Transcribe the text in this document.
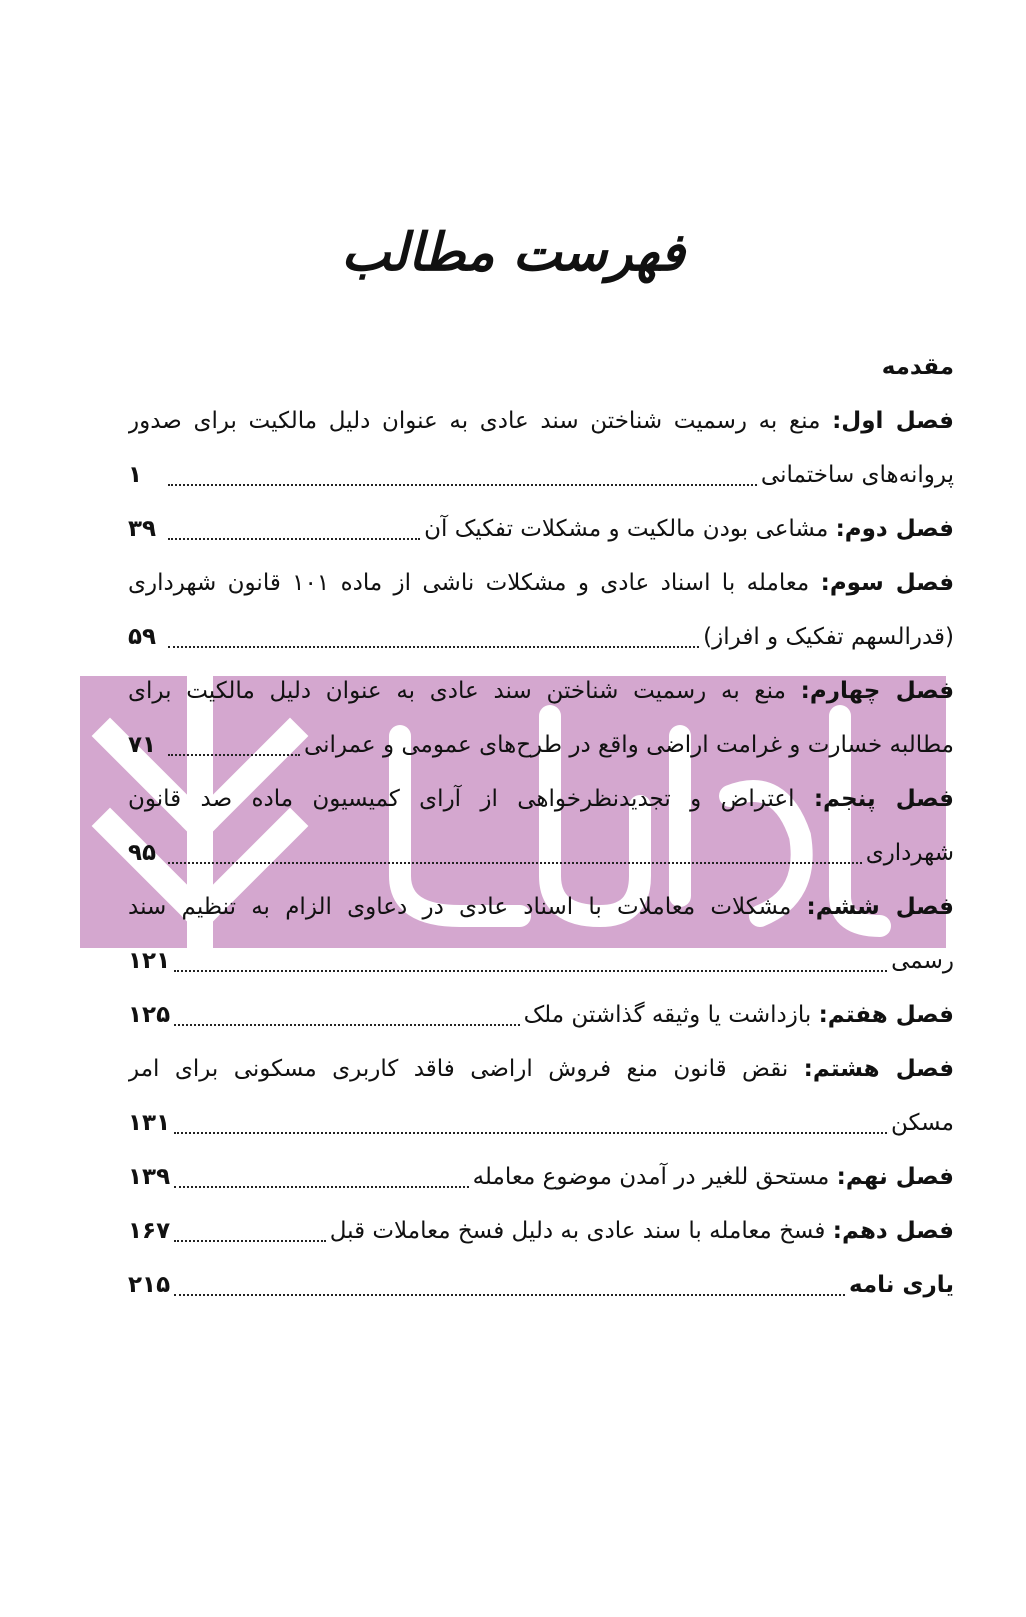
فهرست مطالب
مقدمه
فصل اول: منع به رسمیت شناختن سند عادی به عنوان دلیل مالکیت برای صدور
پروانه‌های ساختمانی
۱
فصل دوم: مشاعی بودن مالکیت و مشکلات تفکیک آن
۳۹
فصل سوم: معامله با اسناد عادی و مشکلات ناشی از ماده ۱۰۱ قانون شهرداری
(قدرالسهم تفکیک و افراز)
۵۹
فصل چهارم: منع به رسمیت شناختن سند عادی به عنوان دلیل مالکیت برای
مطالبه خسارت و غرامت اراضی واقع در طرح‌های عمومی و عمرانی
۷۱
فصل پنجم: اعتراض و تجدیدنظرخواهی از آرای کمیسیون ماده صد قانون
شهرداری
۹۵
فصل ششم: مشکلات معاملات با اسناد عادی در دعاوی الزام به تنظیم سند
رسمی
۱۲۱
فصل هفتم: بازداشت یا وثیقه گذاشتن ملک
۱۲۵
فصل هشتم: نقض قانون منع فروش اراضی فاقد کاربری مسکونی برای امر
مسکن
۱۳۱
فصل نهم: مستحق للغیر در آمدن موضوع معامله
۱۳۹
فصل دهم: فسخ معامله با سند عادی به دلیل فسخ معاملات قبل
۱۶۷
یاری نامه
۲۱۵
